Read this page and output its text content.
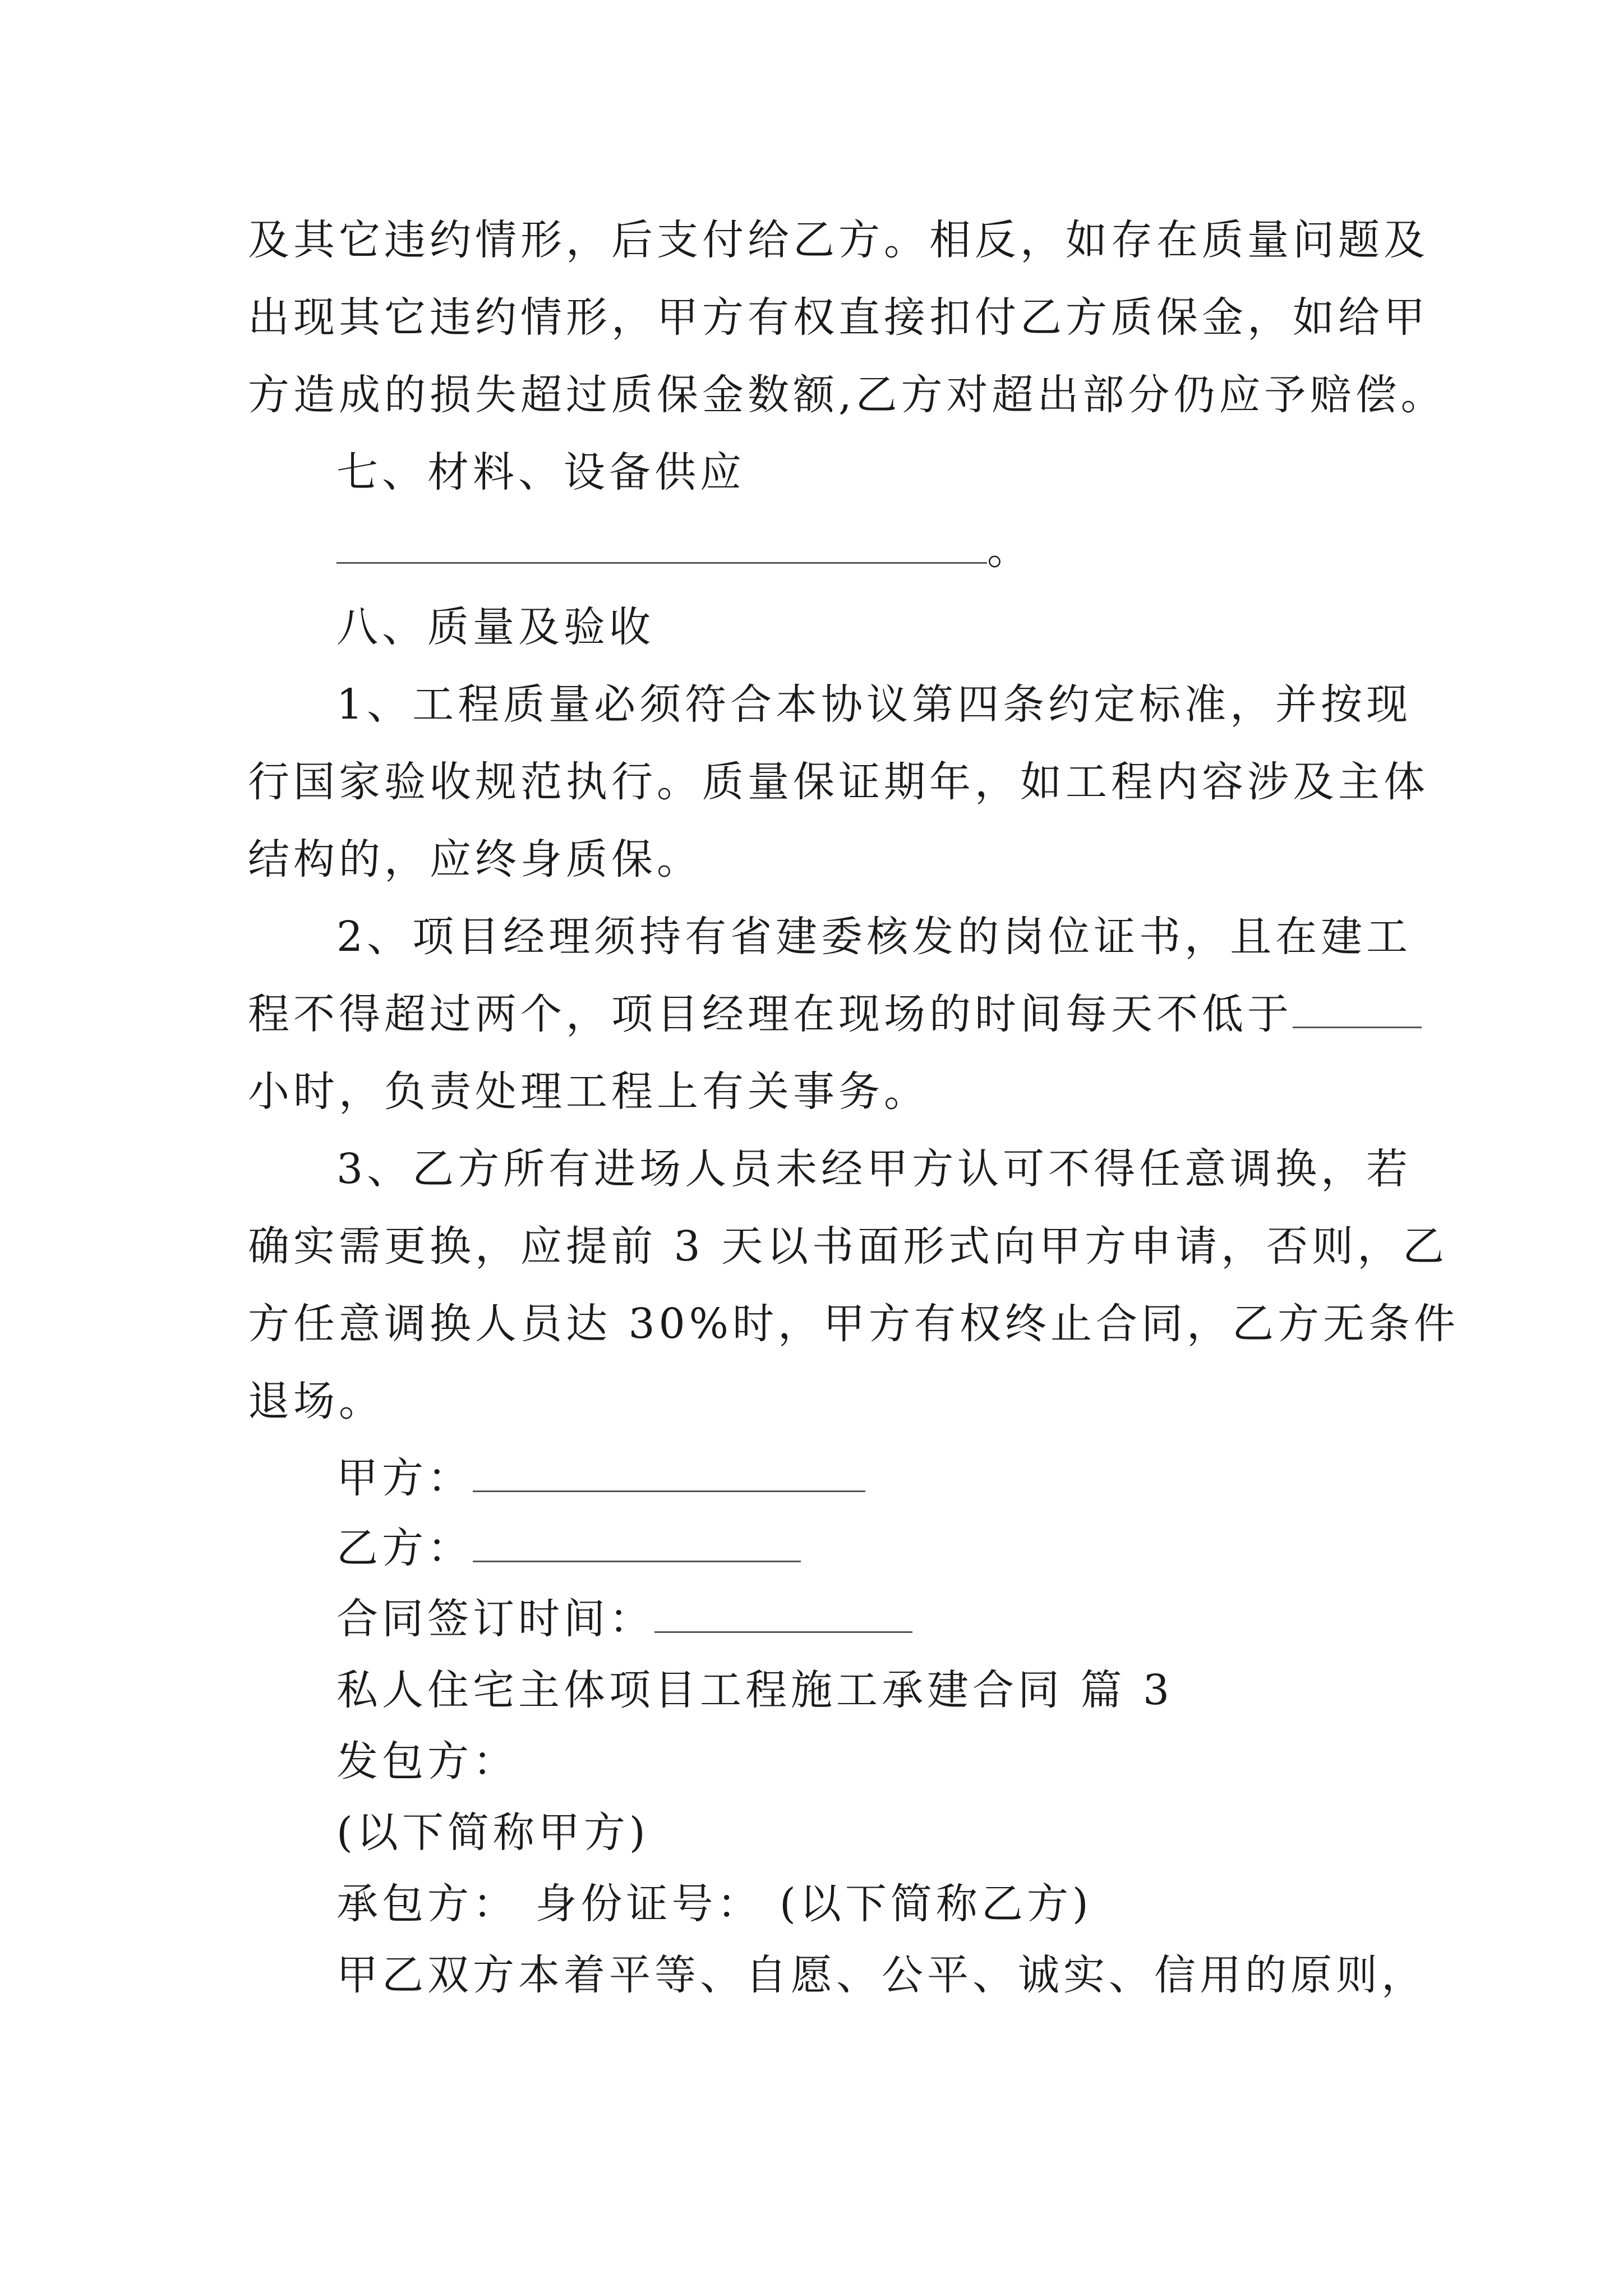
及其它违约情形，后支付给乙方。相反，如存在质量问题及
出现其它违约情形，甲方有权直接扣付乙方质保金，如给甲
方造成的损失超过质保金数额,乙方对超出部分仍应予赔偿。
七、材料、设备供应
。
八、质量及验收
1、工程质量必须符合本协议第四条约定标准，并按现
行国家验收规范执行。质量保证期年，如工程内容涉及主体
结构的，应终身质保。
2、项目经理须持有省建委核发的岗位证书，且在建工
程不得超过两个，项目经理在现场的时间每天不低于
小时，负责处理工程上有关事务。
3、乙方所有进场人员未经甲方认可不得任意调换，若
确实需更换，应提前 3 天以书面形式向甲方申请，否则，乙
方任意调换人员达 30%时，甲方有权终止合同，乙方无条件
退场。
甲方：
乙方：
合同签订时间：
私人住宅主体项目工程施工承建合同 篇 3
发包方：
(以下简称甲方)
承包方： 身份证号： (以下简称乙方)
甲乙双方本着平等、自愿、公平、诚实、信用的原则，
